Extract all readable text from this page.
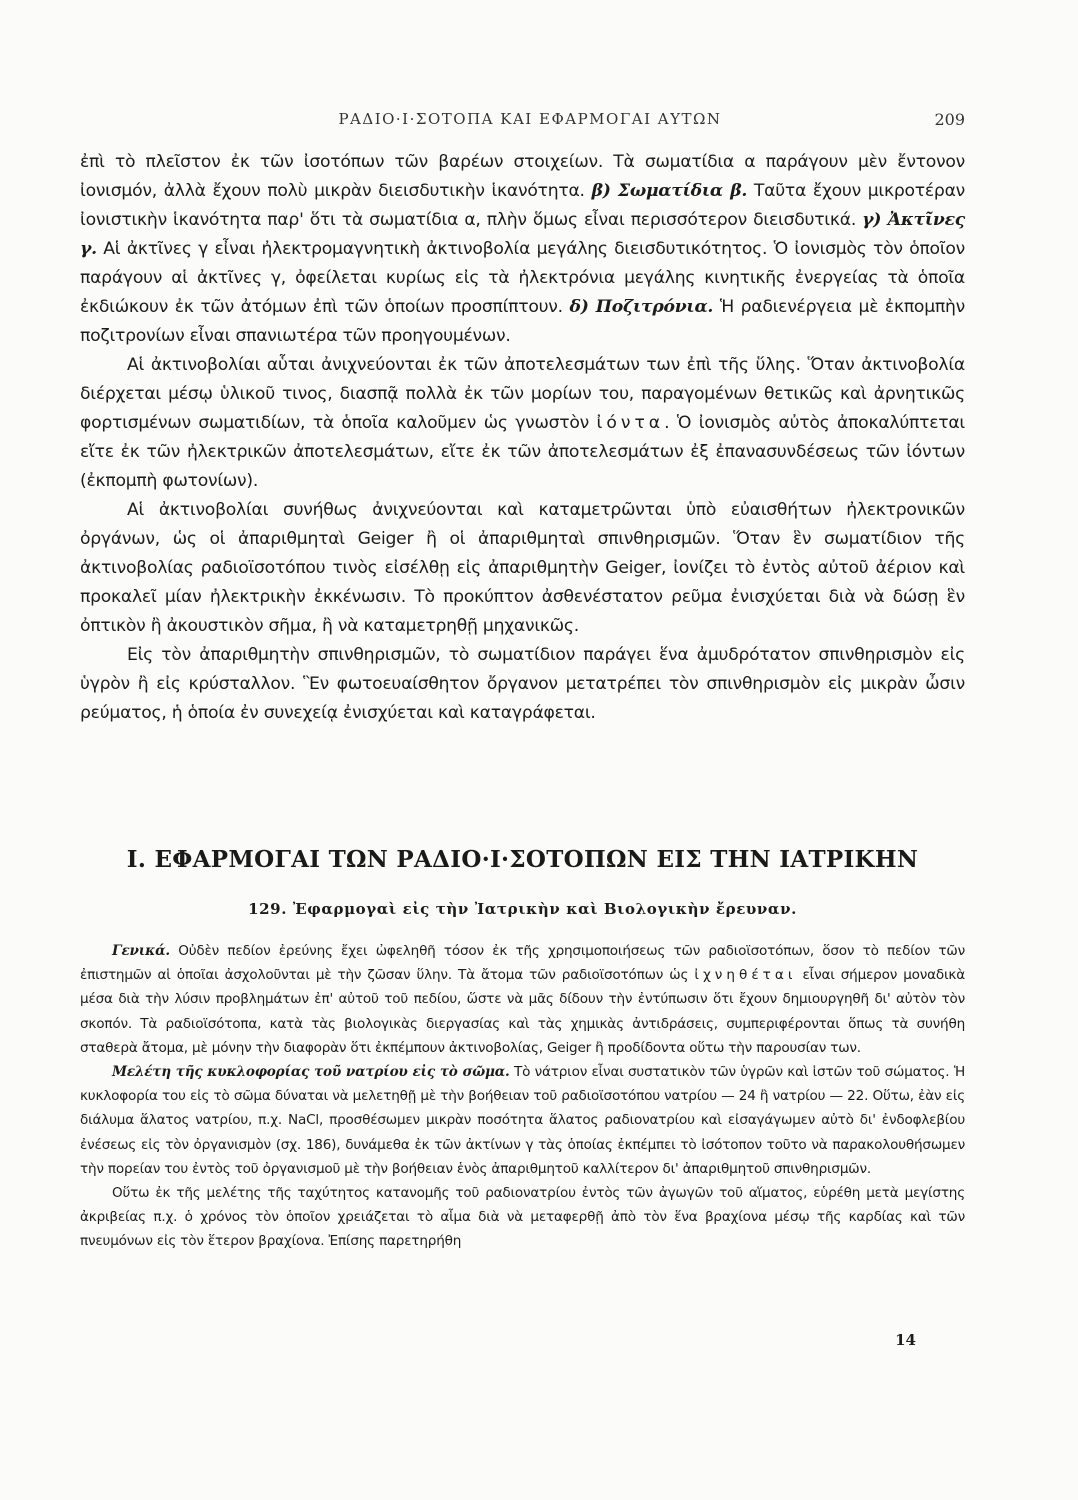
ΡΑΔΙΟ·Ι·ΣΟΤΟΠΑ ΚΑΙ ΕΦΑΡΜΟΓΑΙ ΑΥΤΩΝ	209

ἐπὶ τὸ πλεῖστον ἐκ τῶν ἰσοτόπων τῶν βαρέων στοιχείων. Τὰ σωματίδια α παράγουν μὲν ἔντονον ἰονισμόν, ἀλλὰ ἔχουν πολὺ μικρὰν διεισδυτικὴν ἱκανότητα. β) Σωματίδια β. Ταῦτα ἔχουν μικροτέραν ἰονιστικὴν ἱκανότητα παρ' ὅτι τὰ σωματίδια α, πλὴν ὅμως εἶναι περισσότερον διεισδυτικά. γ) Ἀκτῖνες γ. Αἱ ἀκτῖνες γ εἶναι ἠλεκτρομαγνητικὴ ἀκτινοβολία μεγάλης διεισδυτικότητος. Ὁ ἰονισμὸς τὸν ὁποῖον παράγουν αἱ ἀκτῖνες γ, ὀφείλεται κυρίως εἰς τὰ ἠλεκτρόνια μεγάλης κινητικῆς ἐνεργείας τὰ ὁποῖα ἐκδιώκουν ἐκ τῶν ἀτόμων ἐπὶ τῶν ὁποίων προσπίπτουν. δ) Ποζιτρόνια. Ἡ ραδιενέργεια μὲ ἐκπομπὴν ποζιτρονίων εἶναι σπανιωτέρα τῶν προηγουμένων.

Αἱ ἀκτινοβολίαι αὗται ἀνιχνεύονται ἐκ τῶν ἀποτελεσμάτων των ἐπὶ τῆς ὕλης. Ὅταν ἀκτινοβολία διέρχεται μέσῳ ὑλικοῦ τινος, διασπᾷ πολλὰ ἐκ τῶν μορίων του, παραγομένων θετικῶς καὶ ἀρνητικῶς φορτισμένων σωματιδίων, τὰ ὁποῖα καλοῦμεν ὡς γνωστὸν ἰόντα. Ὁ ἰονισμὸς αὐτὸς ἀποκαλύπτεται εἴτε ἐκ τῶν ἠλεκτρικῶν ἀποτελεσμάτων, εἴτε ἐκ τῶν ἀποτελεσμάτων ἐξ ἐπανασυνδέσεως τῶν ἰόντων (ἐκπομπὴ φωτονίων).

Αἱ ἀκτινοβολίαι συνήθως ἀνιχνεύονται καὶ καταμετρῶνται ὑπὸ εὐαισθήτων ἠλεκτρονικῶν ὀργάνων, ὡς οἱ ἀπαριθμηταὶ Geiger ἢ οἱ ἀπαριθμηταὶ σπινθηρισμῶν. Ὅταν ἓν σωματίδιον τῆς ἀκτινοβολίας ραδιοϊσοτόπου τινὸς εἰσέλθῃ εἰς ἀπαριθμητὴν Geiger, ἰονίζει τὸ ἐντὸς αὐτοῦ ἀέριον καὶ προκαλεῖ μίαν ἠλεκτρικὴν ἐκκένωσιν. Τὸ προκύπτον ἀσθενέστατον ρεῦμα ἐνισχύεται διὰ νὰ δώσῃ ἓν ὀπτικὸν ἢ ἀκουστικὸν σῆμα, ἢ νὰ καταμετρηθῇ μηχανικῶς.

Εἰς τὸν ἀπαριθμητὴν σπινθηρισμῶν, τὸ σωματίδιον παράγει ἕνα ἀμυδρότατον σπινθηρισμὸν εἰς ὑγρὸν ἢ εἰς κρύσταλλον. Ἓν φωτοευαίσθητον ὄργανον μετατρέπει τὸν σπινθηρισμὸν εἰς μικρὰν ὦσιν ρεύματος, ἡ ὁποία ἐν συνεχείᾳ ἐνισχύεται καὶ καταγράφεται.

Ι. ΕΦΑΡΜΟΓΑΙ ΤΩΝ ΡΑΔΙΟ·Ι·ΣΟΤΟΠΩΝ ΕΙΣ ΤΗΝ ΙΑΤΡΙΚΗΝ
129. Ἐφαρμογαὶ εἰς τὴν Ἰατρικὴν καὶ Βιολογικὴν ἔρευναν.

Γενικά. Οὐδὲν πεδίον ἐρεύνης ἔχει ὠφεληθῆ τόσον ἐκ τῆς χρησιμοποιήσεως τῶν ραδιοϊσοτόπων, ὅσον τὸ πεδίον τῶν ἐπιστημῶν αἱ ὁποῖαι ἀσχολοῦνται μὲ τὴν ζῶσαν ὕλην. Τὰ ἄτομα τῶν ραδιοϊσοτόπων ὡς ἰχνηθέται εἶναι σήμερον μοναδικὰ μέσα διὰ τὴν λύσιν προβλημάτων ἐπ' αὐτοῦ τοῦ πεδίου, ὥστε νὰ μᾶς δίδουν τὴν ἐντύπωσιν ὅτι ἔχουν δημιουργηθῆ δι' αὐτὸν τὸν σκοπόν. Τὰ ραδιοϊσότοπα, κατὰ τὰς βιολογικὰς διεργασίας καὶ τὰς χημικὰς ἀντιδράσεις, συμπεριφέρονται ὅπως τὰ συνήθη σταθερὰ ἄτομα, μὲ μόνην τὴν διαφορὰν ὅτι ἐκπέμπουν ἀκτινοβολίας, Geiger ἢ προδίδοντα οὕτω τὴν παρουσίαν των.

Μελέτη τῆς κυκλοφορίας τοῦ νατρίου εἰς τὸ σῶμα. Τὸ νάτριον εἶναι συστατικὸν τῶν ὑγρῶν καὶ ἱστῶν τοῦ σώματος. Ἡ κυκλοφορία του εἰς τὸ σῶμα δύναται νὰ μελετηθῇ μὲ τὴν βοήθειαν τοῦ ραδιοϊσοτόπου νατρίου — 24 ἢ νατρίου — 22. Οὕτω, ἐὰν εἰς διάλυμα ἅλατος νατρίου, π.χ. NaCl, προσθέσωμεν μικρὰν ποσότητα ἅλατος ραδιονατρίου καὶ εἰσαγάγωμεν αὐτὸ δι' ἐνδοφλεβίου ἐνέσεως εἰς τὸν ὀργανισμὸν (σχ. 186), δυνάμεθα ἐκ τῶν ἀκτίνων γ τὰς ὁποίας ἐκπέμπει τὸ ἰσότοπον τοῦτο νὰ παρακολουθήσωμεν τὴν πορείαν του ἐντὸς τοῦ ὀργανισμοῦ μὲ τὴν βοήθειαν ἑνὸς ἀπαριθμητοῦ καλλίτερον δι' ἀπαριθμητοῦ σπινθηρισμῶν.

Οὕτω ἐκ τῆς μελέτης τῆς ταχύτητος κατανομῆς τοῦ ραδιονατρίου ἐντὸς τῶν ἀγωγῶν τοῦ αἵματος, εὑρέθη μετὰ μεγίστης ἀκριβείας π.χ. ὁ χρόνος τὸν ὁποῖον χρειάζεται τὸ αἷμα διὰ νὰ μεταφερθῇ ἀπὸ τὸν ἕνα βραχίονα μέσῳ τῆς καρδίας καὶ τῶν πνευμόνων εἰς τὸν ἕτερον βραχίονα. Ἐπίσης παρετηρήθη

14
